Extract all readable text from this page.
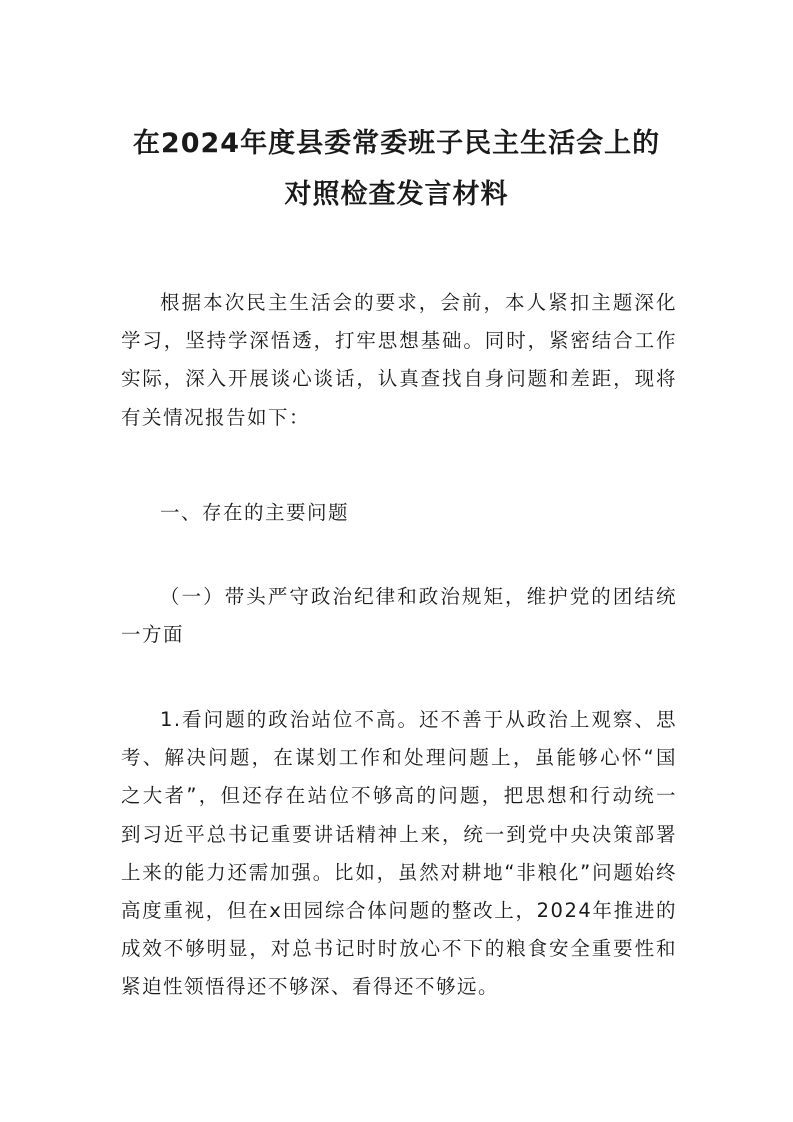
在2024年度县委常委班子民主生活会上的
对照检查发言材料
根据本次民主生活会的要求，会前，本人紧扣主题深化学习，坚持学深悟透，打牢思想基础。同时，紧密结合工作实际，深入开展谈心谈话，认真查找自身问题和差距，现将有关情况报告如下：
一、存在的主要问题
（一）带头严守政治纪律和政治规矩，维护党的团结统一方面
1.看问题的政治站位不高。还不善于从政治上观察、思考、解决问题，在谋划工作和处理问题上，虽能够心怀“国之大者”，但还存在站位不够高的问题，把思想和行动统一到习近平总书记重要讲话精神上来，统一到党中央决策部署上来的能力还需加强。比如，虽然对耕地“非粮化”问题始终高度重视，但在x田园综合体问题的整改上，2024年推进的成效不够明显，对总书记时时放心不下的粮食安全重要性和紧迫性领悟得还不够深、看得还不够远。
